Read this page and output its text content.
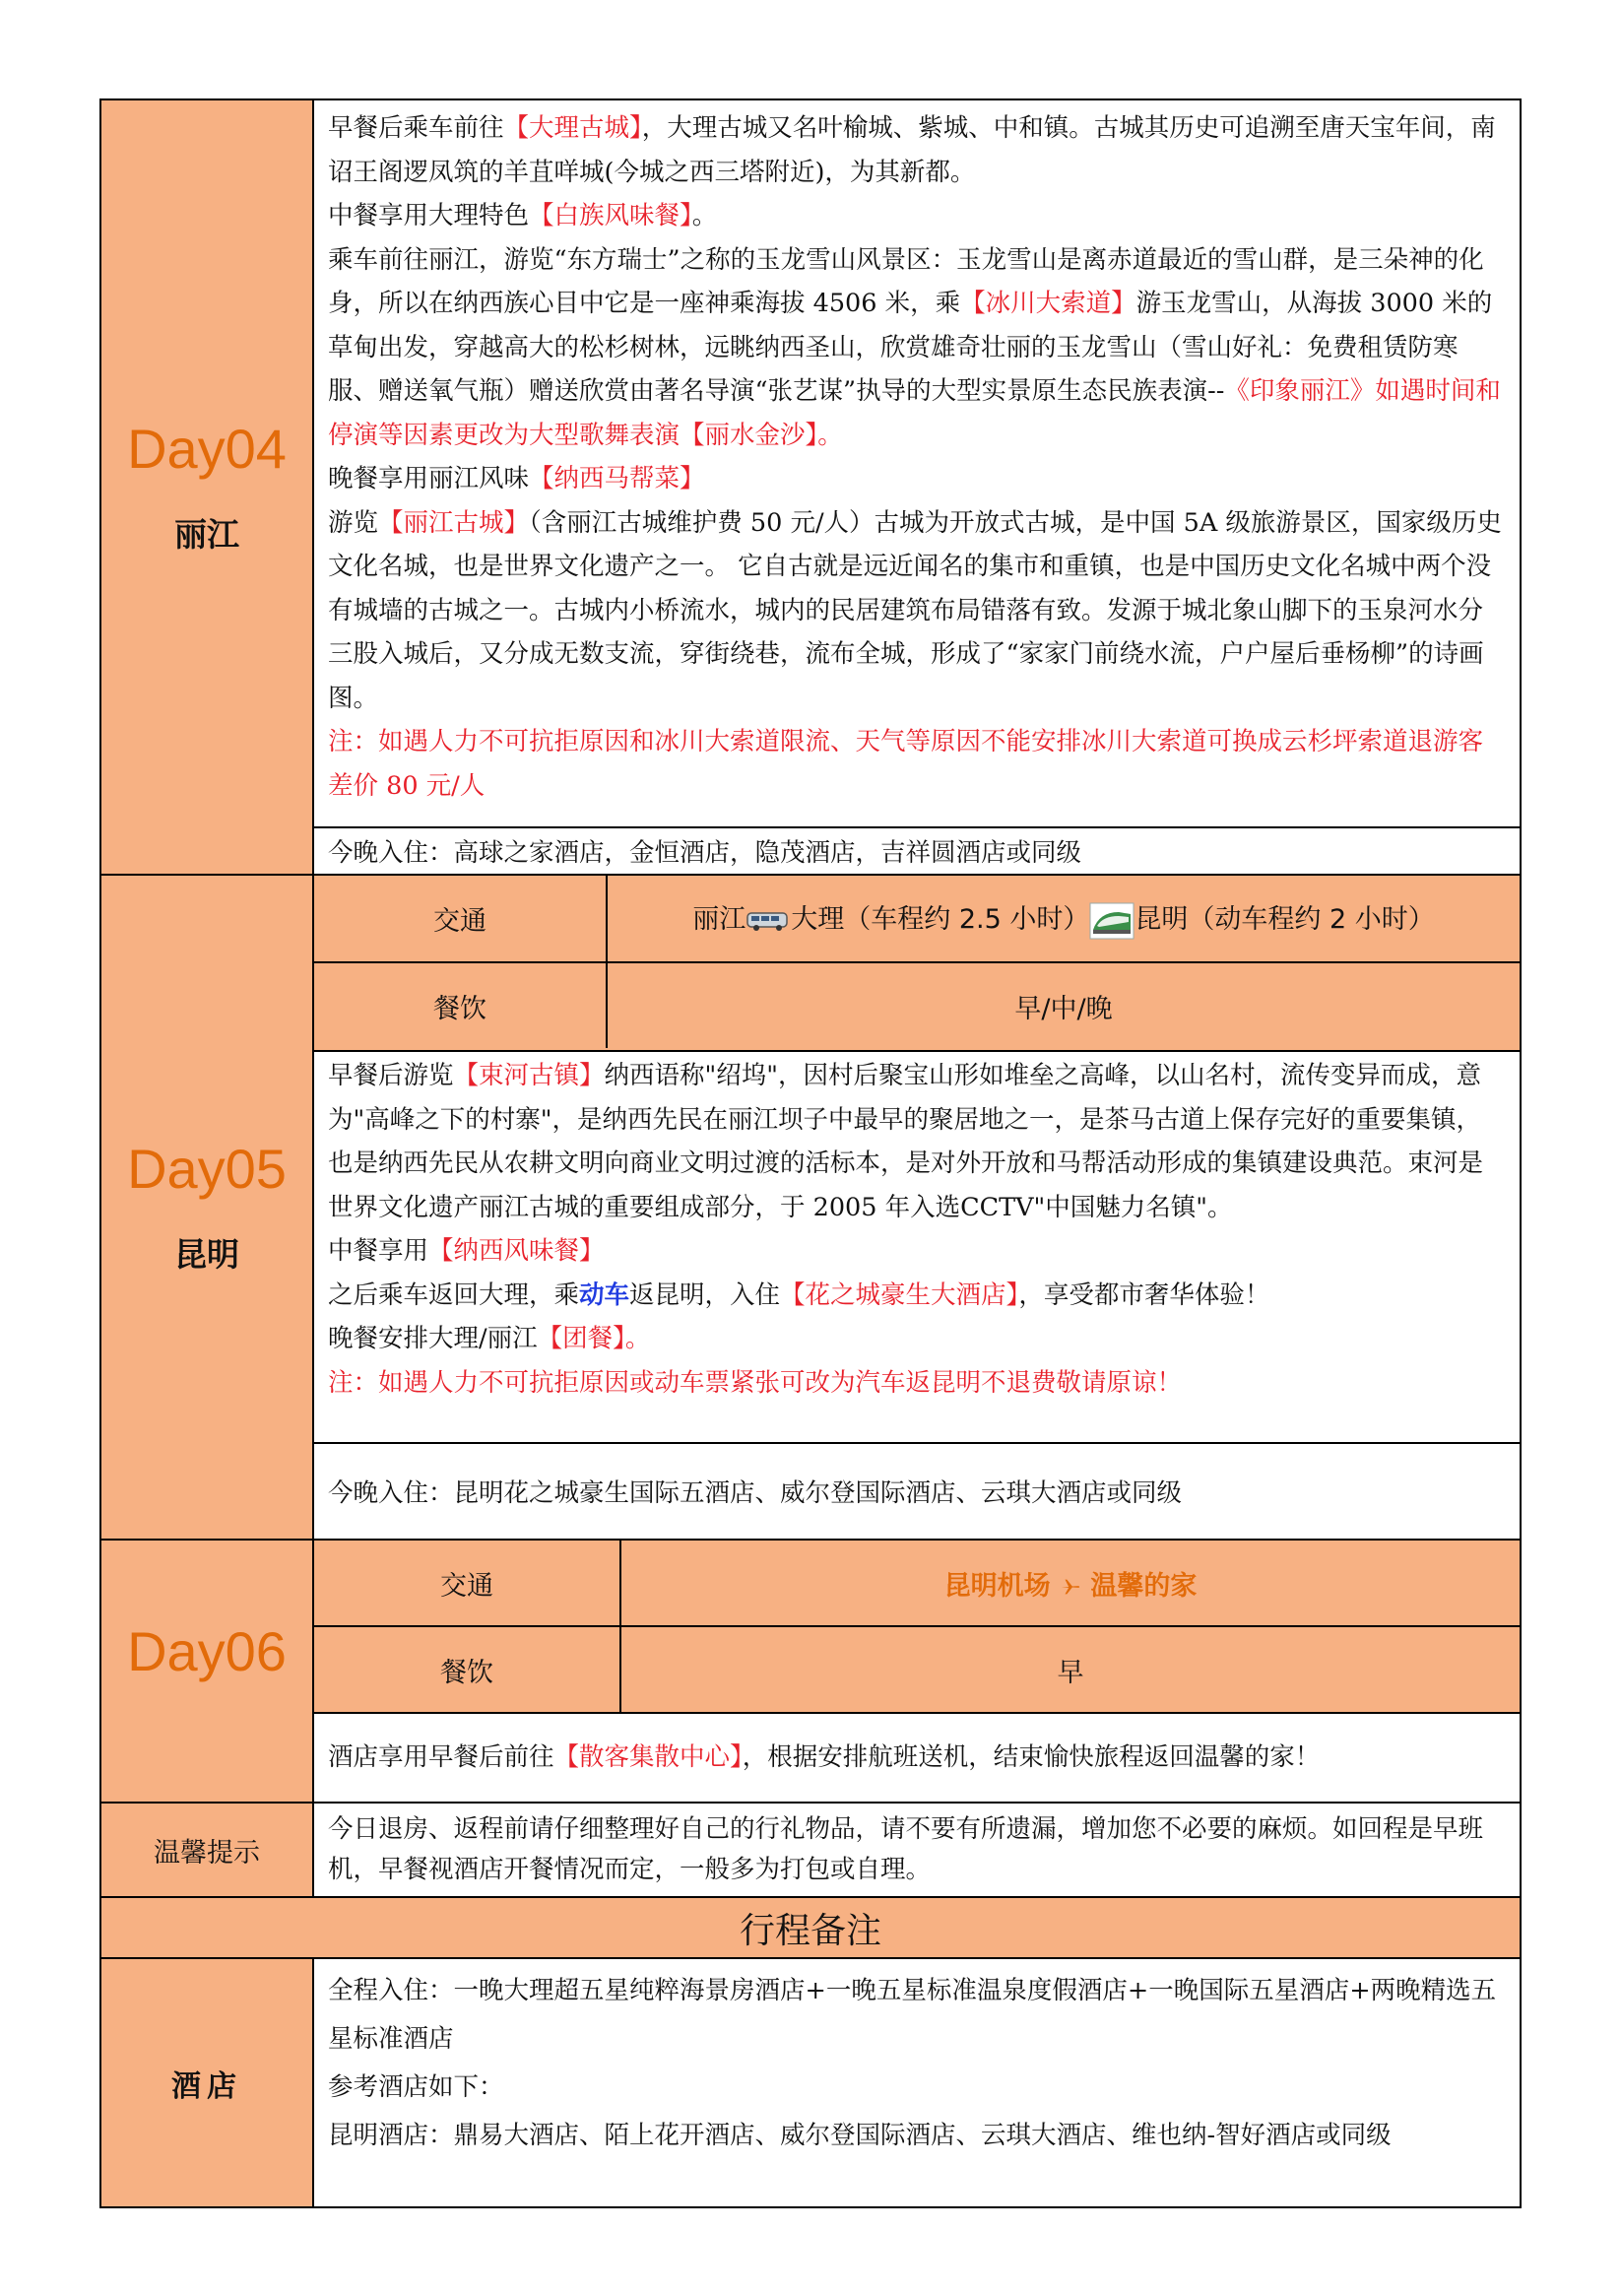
Day04
丽江

早餐后乘车前往【大理古城】，大理古城又名叶榆城、紫城、中和镇。古城其历史可追溯至唐天宝年间，南诏王阁逻凤筑的羊苴咩城(今城之西三塔附近)，为其新都。

中餐享用大理特色【白族风味餐】。

乘车前往丽江，游览“东方瑞士”之称的玉龙雪山风景区：玉龙雪山是离赤道最近的雪山群，是三朵神的化身，所以在纳西族心目中它是一座神乘海拔 4506 米，乘【冰川大索道】游玉龙雪山，从海拔 3000 米的草甸出发，穿越高大的松杉树林，远眺纳西圣山，欣赏雄奇壮丽的玉龙雪山（雪山好礼：免费租赁防寒服、赠送氧气瓶）赠送欣赏由著名导演“张艺谋”执导的大型实景原生态民族表演--《印象丽江》如遇时间和停演等因素更改为大型歌舞表演【丽水金沙】。

晚餐享用丽江风味【纳西马帮菜】

游览【丽江古城】（含丽江古城维护费 50 元/人）古城为开放式古城，是中国 5A 级旅游景区，国家级历史文化名城，也是世界文化遗产之一。 它自古就是远近闻名的集市和重镇，也是中国历史文化名城中两个没有城墙的古城之一。古城内小桥流水，城内的民居建筑布局错落有致。发源于城北象山脚下的玉泉河水分三股入城后，又分成无数支流，穿街绕巷，流布全城，形成了“家家门前绕水流，户户屋后垂杨柳”的诗画图。

注：如遇人力不可抗拒原因和冰川大索道限流、天气等原因不能安排冰川大索道可换成云杉坪索道退游客差价 80 元/人

今晚入住：高球之家酒店，金恒酒店，隐茂酒店，吉祥圆酒店或同级

Day05
昆明

交通	丽江 大理（车程约 2.5 小时） 昆明（动车程约 2 小时）
餐饮	早/中/晚

早餐后游览【束河古镇】纳西语称"绍坞"，因村后聚宝山形如堆垒之高峰，以山名村，流传变异而成，意为"高峰之下的村寨"，是纳西先民在丽江坝子中最早的聚居地之一，是茶马古道上保存完好的重要集镇，也是纳西先民从农耕文明向商业文明过渡的活标本，是对外开放和马帮活动形成的集镇建设典范。束河是世界文化遗产丽江古城的重要组成部分，于 2005 年入选CCTV"中国魅力名镇"。

中餐享用【纳西风味餐】

之后乘车返回大理，乘动车返昆明，入住【花之城豪生大酒店】，享受都市奢华体验！

晚餐安排大理/丽江【团餐】。

注：如遇人力不可抗拒原因或动车票紧张可改为汽车返昆明不退费敬请原谅！

今晚入住：昆明花之城豪生国际五酒店、威尔登国际酒店、云琪大酒店或同级

Day06

交通	昆明机场 温馨的家
餐饮	早

酒店享用早餐后前往【散客集散中心】，根据安排航班送机，结束愉快旅程返回温馨的家！

温馨提示	今日退房、返程前请仔细整理好自己的行礼物品，请不要有所遗漏，增加您不必要的麻烦。如回程是早班机，早餐视酒店开餐情况而定，一般多为打包或自理。
行程备注
酒店	

全程入住：一晚大理超五星纯粹海景房酒店+一晚五星标准温泉度假酒店+一晚国际五星酒店+两晚精选五星标准酒店

参考酒店如下：

昆明酒店：鼎易大酒店、陌上花开酒店、威尔登国际酒店、云琪大酒店、维也纳-智好酒店或同级
